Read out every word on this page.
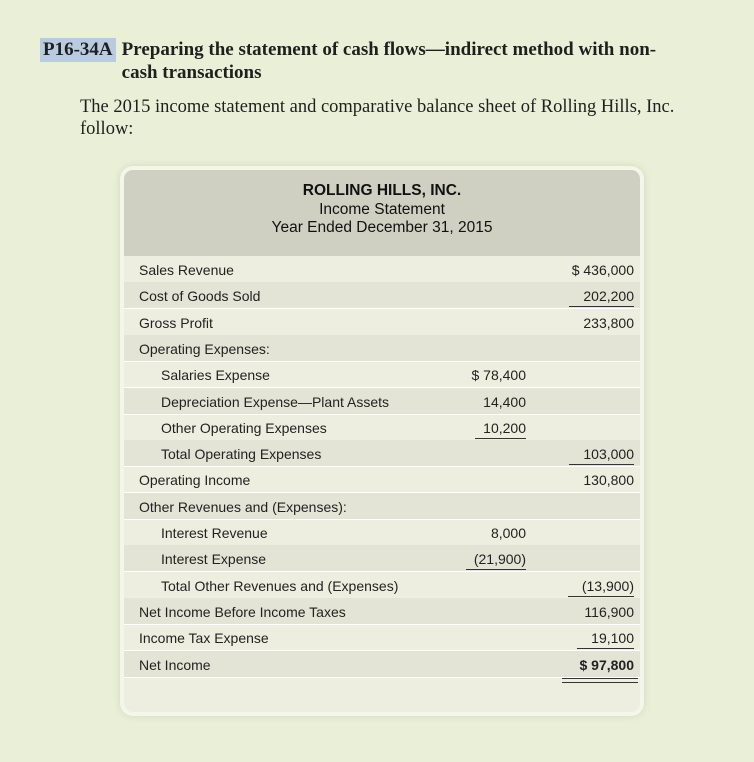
P16-34A Preparing the statement of cash flows—indirect method with non-cash transactions
The 2015 income statement and comparative balance sheet of Rolling Hills, Inc. follow:
ROLLING HILLS, INC.
Income Statement
Year Ended December 31, 2015
Sales Revenue	$ 436,000
Cost of Goods Sold	202,200
Gross Profit	233,800
Operating Expenses:
Salaries Expense	$ 78,400
Depreciation Expense—Plant Assets	14,400
Other Operating Expenses	10,200
Total Operating Expenses	103,000
Operating Income	130,800
Other Revenues and (Expenses):
Interest Revenue	8,000
Interest Expense	(21,900)
Total Other Revenues and (Expenses)	(13,900)
Net Income Before Income Taxes	116,900
Income Tax Expense	19,100
Net Income	$ 97,800
